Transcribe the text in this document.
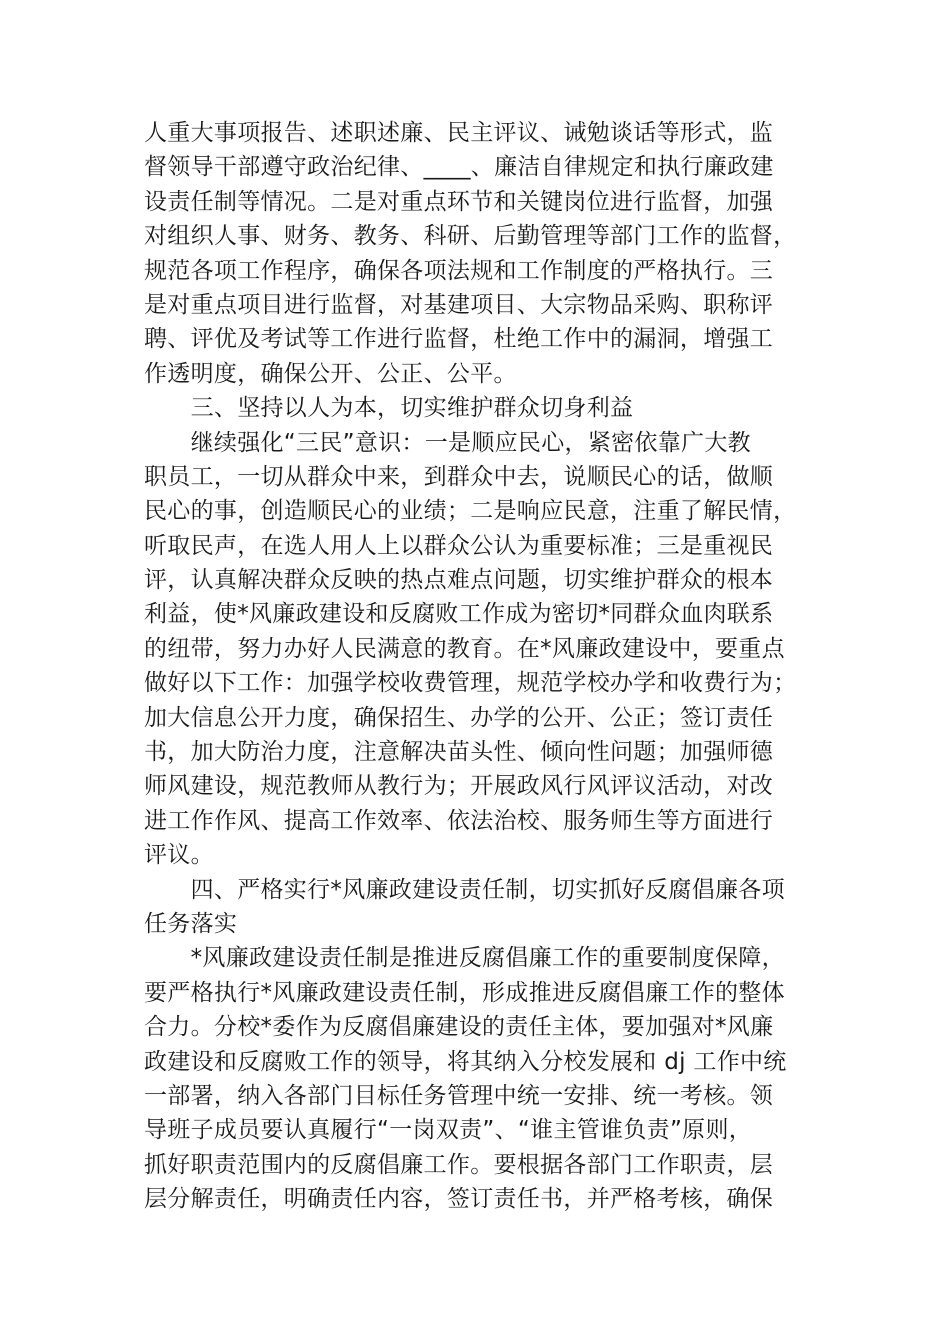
人重大事项报告、述职述廉、民主评议、诫勉谈话等形式，监
督领导干部遵守政治纪律、____、廉洁自律规定和执行廉政建
设责任制等情况。二是对重点环节和关键岗位进行监督，加强
对组织人事、财务、教务、科研、后勤管理等部门工作的监督，
规范各项工作程序，确保各项法规和工作制度的严格执行。三
是对重点项目进行监督，对基建项目、大宗物品采购、职称评
聘、评优及考试等工作进行监督，杜绝工作中的漏洞，增强工
作透明度，确保公开、公正、公平。
　　三、坚持以人为本，切实维护群众切身利益
　　继续强化“三民”意识：一是顺应民心，紧密依靠广大教
职员工，一切从群众中来，到群众中去，说顺民心的话，做顺
民心的事，创造顺民心的业绩；二是响应民意，注重了解民情，
听取民声，在选人用人上以群众公认为重要标准；三是重视民
评，认真解决群众反映的热点难点问题，切实维护群众的根本
利益，使*风廉政建设和反腐败工作成为密切*同群众血肉联系
的纽带，努力办好人民满意的教育。在*风廉政建设中，要重点
做好以下工作：加强学校收费管理，规范学校办学和收费行为；
加大信息公开力度，确保招生、办学的公开、公正；签订责任
书，加大防治力度，注意解决苗头性、倾向性问题；加强师德
师风建设，规范教师从教行为；开展政风行风评议活动，对改
进工作作风、提高工作效率、依法治校、服务师生等方面进行
评议。
　　四、严格实行*风廉政建设责任制，切实抓好反腐倡廉各项
任务落实
　　*风廉政建设责任制是推进反腐倡廉工作的重要制度保障，
要严格执行*风廉政建设责任制，形成推进反腐倡廉工作的整体
合力。分校*委作为反腐倡廉建设的责任主体，要加强对*风廉
政建设和反腐败工作的领导，将其纳入分校发展和 dj 工作中统
一部署，纳入各部门目标任务管理中统一安排、统一考核。领
导班子成员要认真履行“一岗双责”、“谁主管谁负责”原则，
抓好职责范围内的反腐倡廉工作。要根据各部门工作职责，层
层分解责任，明确责任内容，签订责任书，并严格考核，确保
